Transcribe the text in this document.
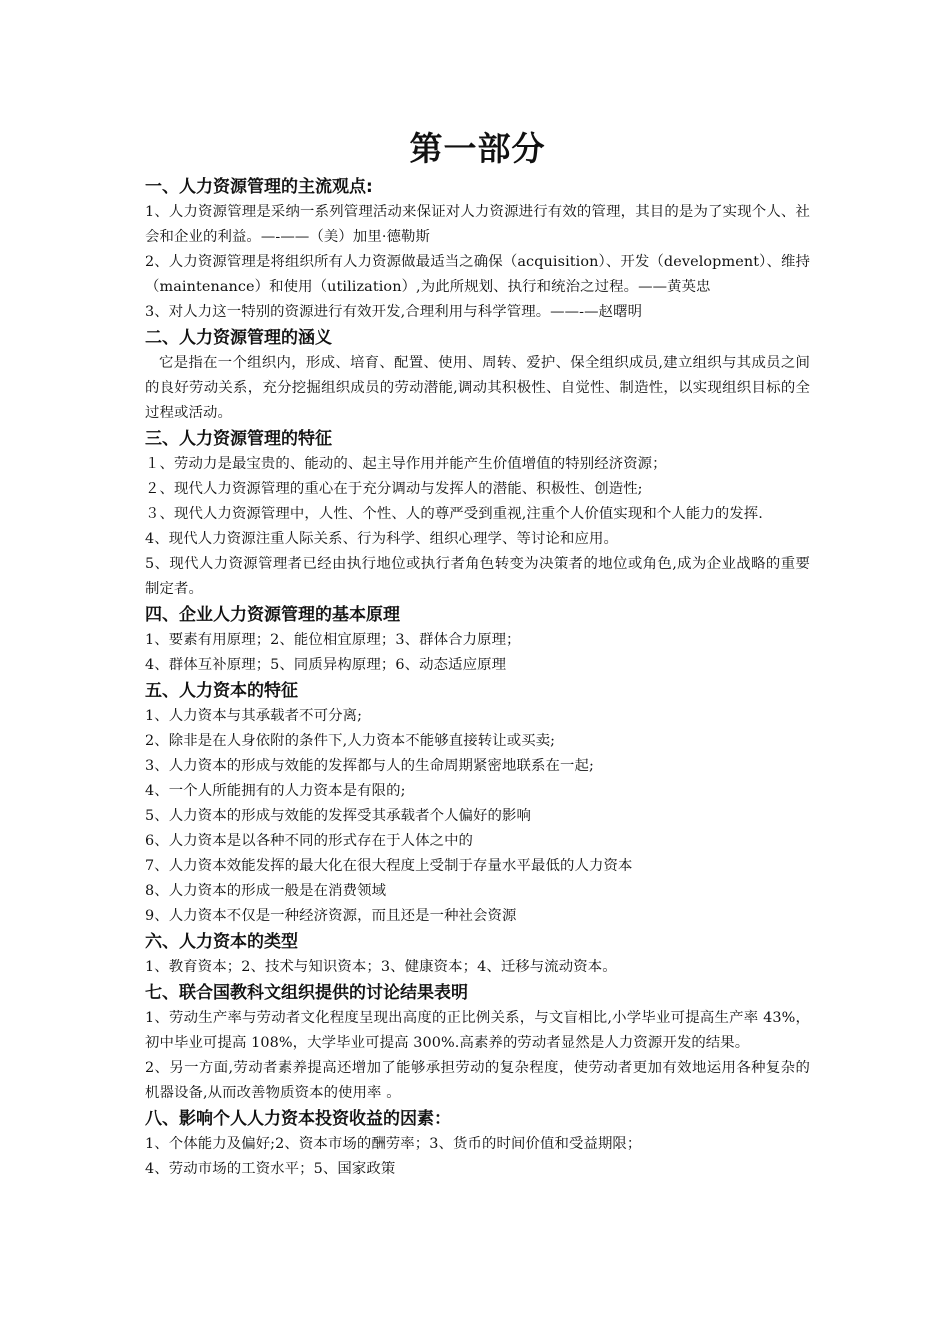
第一部分
一、人力资源管理的主流观点:

1、人力资源管理是采纳一系列管理活动来保证对人力资源进行有效的管理，其目的是为了实现个人、社会和企业的利益。—-——（美）加里·德勒斯

2、人力资源管理是将组织所有人力资源做最适当之确保（acquisition）、开发（development）、维持（maintenance）和使用（utilization）,为此所规划、执行和统治之过程。——黄英忠

3、对人力这一特别的资源进行有效开发,合理利用与科学管理。——-—赵曙明

二、人力资源管理的涵义

它是指在一个组织内，形成、培育、配置、使用、周转、爱护、保全组织成员,建立组织与其成员之间的良好劳动关系，充分挖掘组织成员的劳动潜能,调动其积极性、自觉性、制造性，以实现组织目标的全过程或活动。

三、人力资源管理的特征

１、劳动力是最宝贵的、能动的、起主导作用并能产生价值增值的特别经济资源；

２、现代人力资源管理的重心在于充分调动与发挥人的潜能、积极性、创造性;

３、现代人力资源管理中，人性、个性、人的尊严受到重视,注重个人价值实现和个人能力的发挥.

4、现代人力资源注重人际关系、行为科学、组织心理学、等讨论和应用。

5、现代人力资源管理者已经由执行地位或执行者角色转变为决策者的地位或角色,成为企业战略的重要制定者。

四、企业人力资源管理的基本原理

1、要素有用原理；2、能位相宜原理；3、群体合力原理；

4、群体互补原理；5、同质异构原理；6、动态适应原理

五、人力资本的特征

1、人力资本与其承载者不可分离;

2、除非是在人身依附的条件下,人力资本不能够直接转让或买卖;

3、人力资本的形成与效能的发挥都与人的生命周期紧密地联系在一起;

4、一个人所能拥有的人力资本是有限的;

5、人力资本的形成与效能的发挥受其承载者个人偏好的影响

6、人力资本是以各种不同的形式存在于人体之中的

7、人力资本效能发挥的最大化在很大程度上受制于存量水平最低的人力资本

8、人力资本的形成一般是在消费领域

9、人力资本不仅是一种经济资源，而且还是一种社会资源

六、人力资本的类型

1、教育资本；2、技术与知识资本；3、健康资本；4、迁移与流动资本。

七、联合国教科文组织提供的讨论结果表明

1、劳动生产率与劳动者文化程度呈现出高度的正比例关系，与文盲相比,小学毕业可提高生产率 43%，初中毕业可提高 108%，大学毕业可提高 300%.高素养的劳动者显然是人力资源开发的结果。

2、另一方面,劳动者素养提高还增加了能够承担劳动的复杂程度，使劳动者更加有效地运用各种复杂的机器设备,从而改善物质资本的使用率 。

八、影响个人人力资本投资收益的因素：

1、个体能力及偏好;2、资本市场的酬劳率；3、货币的时间价值和受益期限；

4、劳动市场的工资水平；5、国家政策
